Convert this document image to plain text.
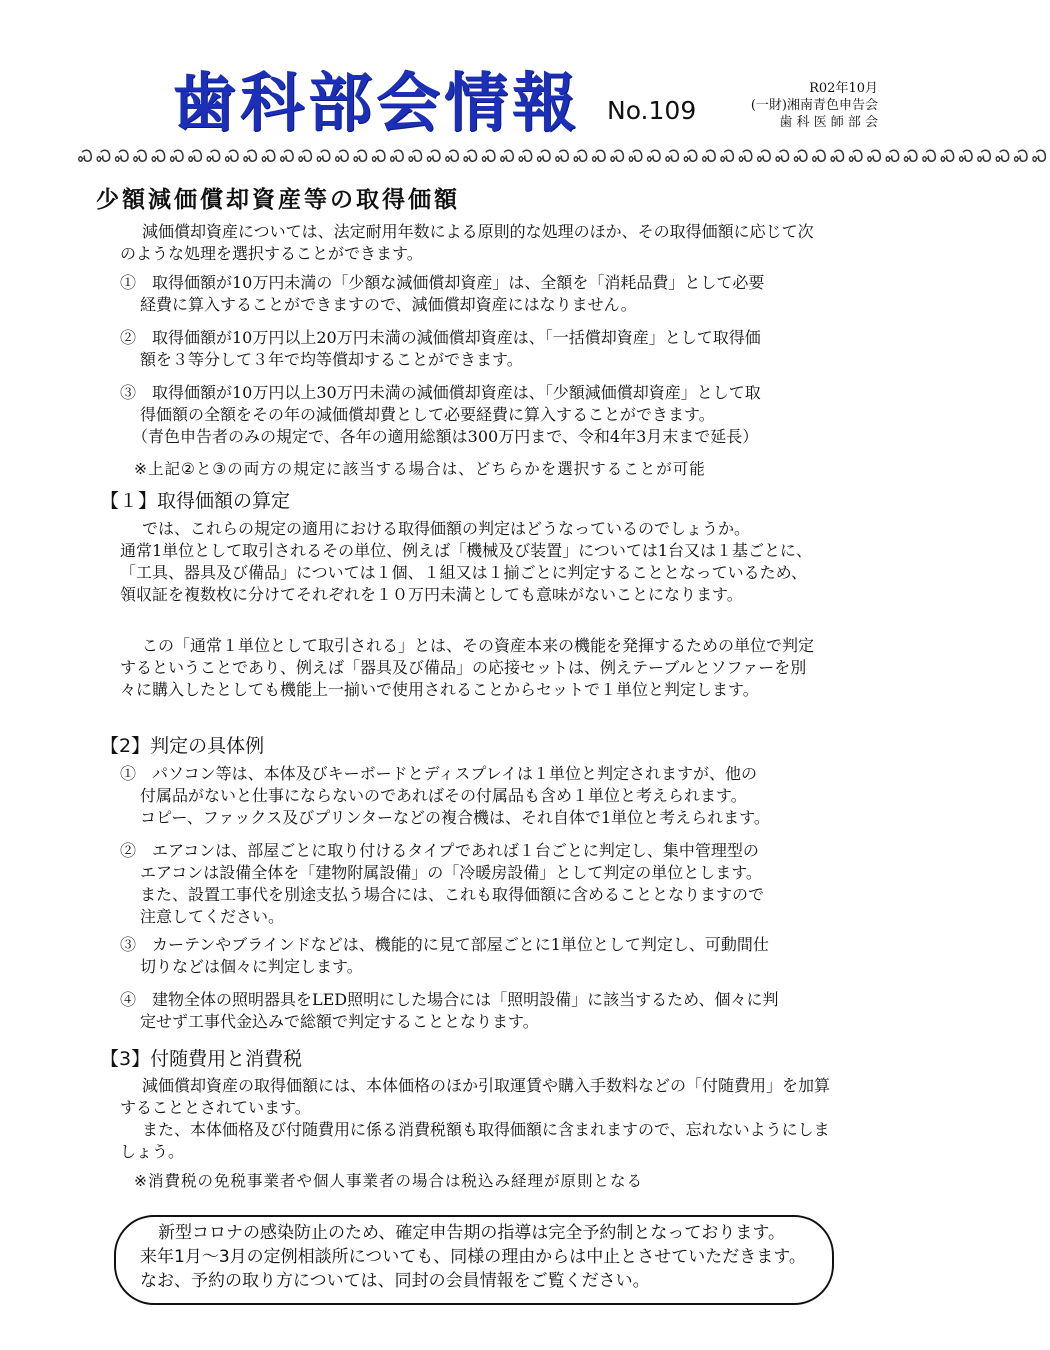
歯科部会情報 No.109
R02年10月
(一財)湘南青色申告会
歯 科 医 師 部 会
ᏍᏍᏍᏍᏍᏍᏍᏍᏍᏍᏍᏍᏍᏍᏍᏍᏍᏍᏍᏍᏍᏍᏍᏍᏍᏍᏍᏍᏍᏍᏍᏍᏍᏍᏍᏍᏍᏍᏍᏍᏍᏍᏍᏍᏍᏍᏍᏍᏍᏍᏍᏍᏍ
少額減価償却資産等の取得価額

減価償却資産については、法定耐用年数による原則的な処理のほか、その取得価額に応じて次

のような処理を選択することができます。

①　取得価額が10万円未満の「少額な減価償却資産」は、全額を「消耗品費」として必要

経費に算入することができますので、減価償却資産にはなりません。

②　取得価額が10万円以上20万円未満の減価償却資産は、「一括償却資産」として取得価

額を３等分して３年で均等償却することができます。

③　取得価額が10万円以上30万円未満の減価償却資産は、「少額減価償却資産」として取

得価額の全額をその年の減価償却費として必要経費に算入することができます。

（青色申告者のみの規定で、各年の適用総額は300万円まで、令和4年3月末まで延長）

※上記②と③の両方の規定に該当する場合は、どちらかを選択することが可能

【１】取得価額の算定

では、これらの規定の適用における取得価額の判定はどうなっているのでしょうか。

通常1単位として取引されるその単位、例えば「機械及び装置」については1台又は１基ごとに、

「工具、器具及び備品」については１個、１組又は１揃ごとに判定することとなっているため、

領収証を複数枚に分けてそれぞれを１０万円未満としても意味がないことになります。

この「通常１単位として取引される」とは、その資産本来の機能を発揮するための単位で判定

するということであり、例えば「器具及び備品」の応接セットは、例えテーブルとソファーを別

々に購入したとしても機能上一揃いで使用されることからセットで１単位と判定します。

【2】判定の具体例

①　パソコン等は、本体及びキーボードとディスプレイは１単位と判定されますが、他の

付属品がないと仕事にならないのであればその付属品も含め１単位と考えられます。

コピー、ファックス及びプリンターなどの複合機は、それ自体で1単位と考えられます。

②　エアコンは、部屋ごとに取り付けるタイプであれば１台ごとに判定し、集中管理型の

エアコンは設備全体を「建物附属設備」の「冷暖房設備」として判定の単位とします。

また、設置工事代を別途支払う場合には、これも取得価額に含めることとなりますので

注意してください。

③　カーテンやブラインドなどは、機能的に見て部屋ごとに1単位として判定し、可動間仕

切りなどは個々に判定します。

④　建物全体の照明器具をLED照明にした場合には「照明設備」に該当するため、個々に判

定せず工事代金込みで総額で判定することとなります。

【3】付随費用と消費税

減価償却資産の取得価額には、本体価格のほか引取運賃や購入手数料などの「付随費用」を加算

することとされています。

また、本体価格及び付随費用に係る消費税額も取得価額に含まれますので、忘れないようにしま

しょう。

※消費税の免税事業者や個人事業者の場合は税込み経理が原則となる

新型コロナの感染防止のため、確定申告期の指導は完全予約制となっております。

来年1月～3月の定例相談所についても、同様の理由からは中止とさせていただきます。

なお、予約の取り方については、同封の会員情報をご覧ください。
